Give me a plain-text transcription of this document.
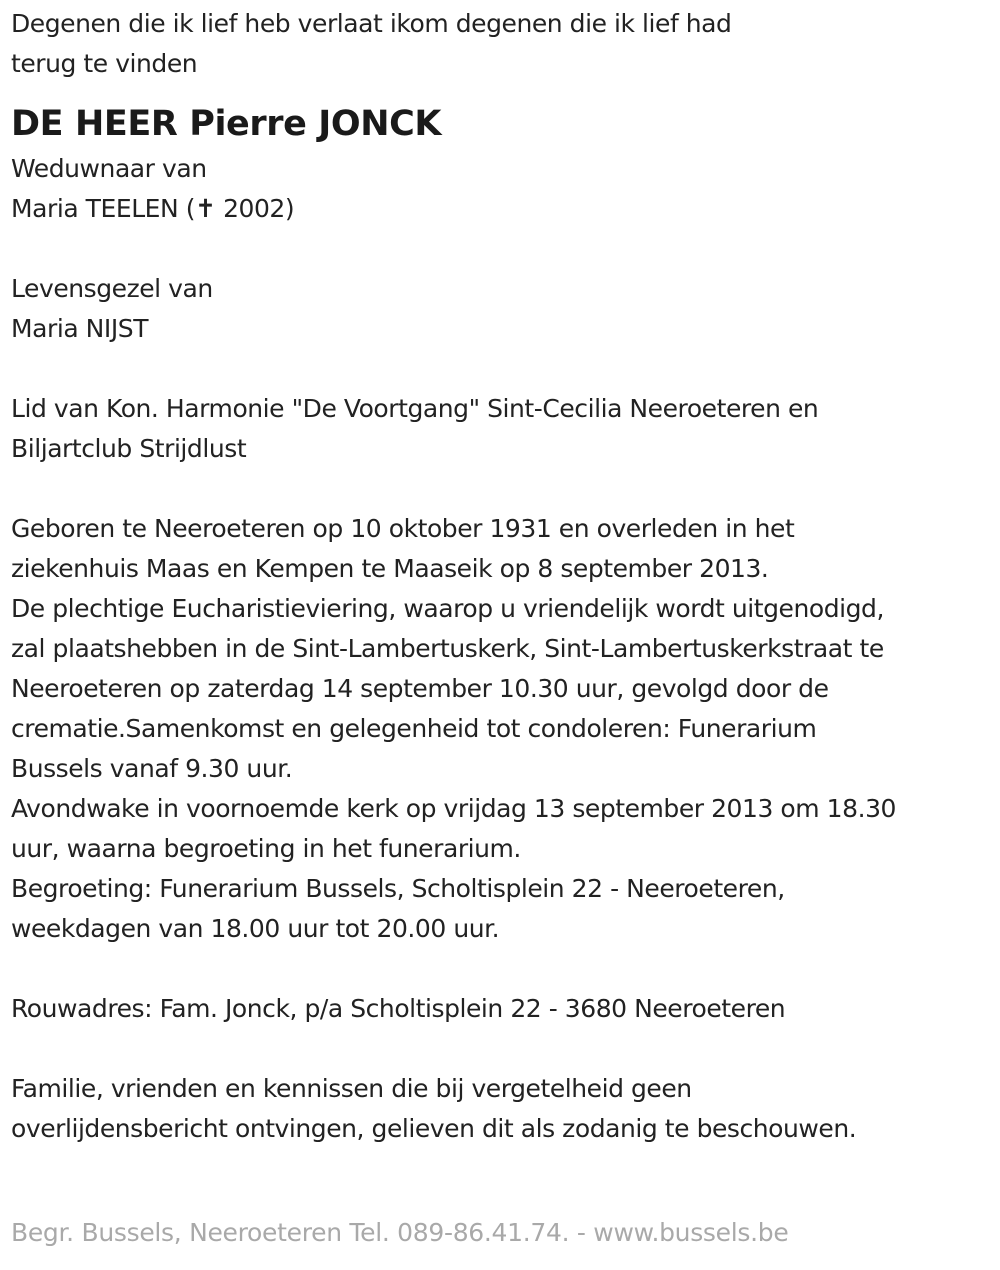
Degenen die ik lief heb verlaat ikom degenen die ik lief had
terug te vinden
DE HEER Pierre JONCK
Weduwnaar van
Maria TEELEN (✝ 2002)
Levensgezel van
Maria NIJST
Lid van Kon. Harmonie "De Voortgang" Sint-Cecilia Neeroeteren en
Biljartclub Strijdlust
Geboren te Neeroeteren op 10 oktober 1931 en overleden in het
ziekenhuis Maas en Kempen te Maaseik op 8 september 2013.
De plechtige Eucharistieviering, waarop u vriendelijk wordt uitgenodigd,
zal plaatshebben in de Sint-Lambertuskerk, Sint-Lambertuskerkstraat te
Neeroeteren op zaterdag 14 september 10.30 uur, gevolgd door de
crematie.Samenkomst en gelegenheid tot condoleren: Funerarium
Bussels vanaf 9.30 uur.
Avondwake in voornoemde kerk op vrijdag 13 september 2013 om 18.30
uur, waarna begroeting in het funerarium.
Begroeting: Funerarium Bussels, Scholtisplein 22 - Neeroeteren,
weekdagen van 18.00 uur tot 20.00 uur.
Rouwadres: Fam. Jonck, p/a Scholtisplein 22 - 3680 Neeroeteren
Familie, vrienden en kennissen die bij vergetelheid geen
overlijdensbericht ontvingen, gelieven dit als zodanig te beschouwen.
Begr. Bussels, Neeroeteren Tel. 089-86.41.74. - www.bussels.be
